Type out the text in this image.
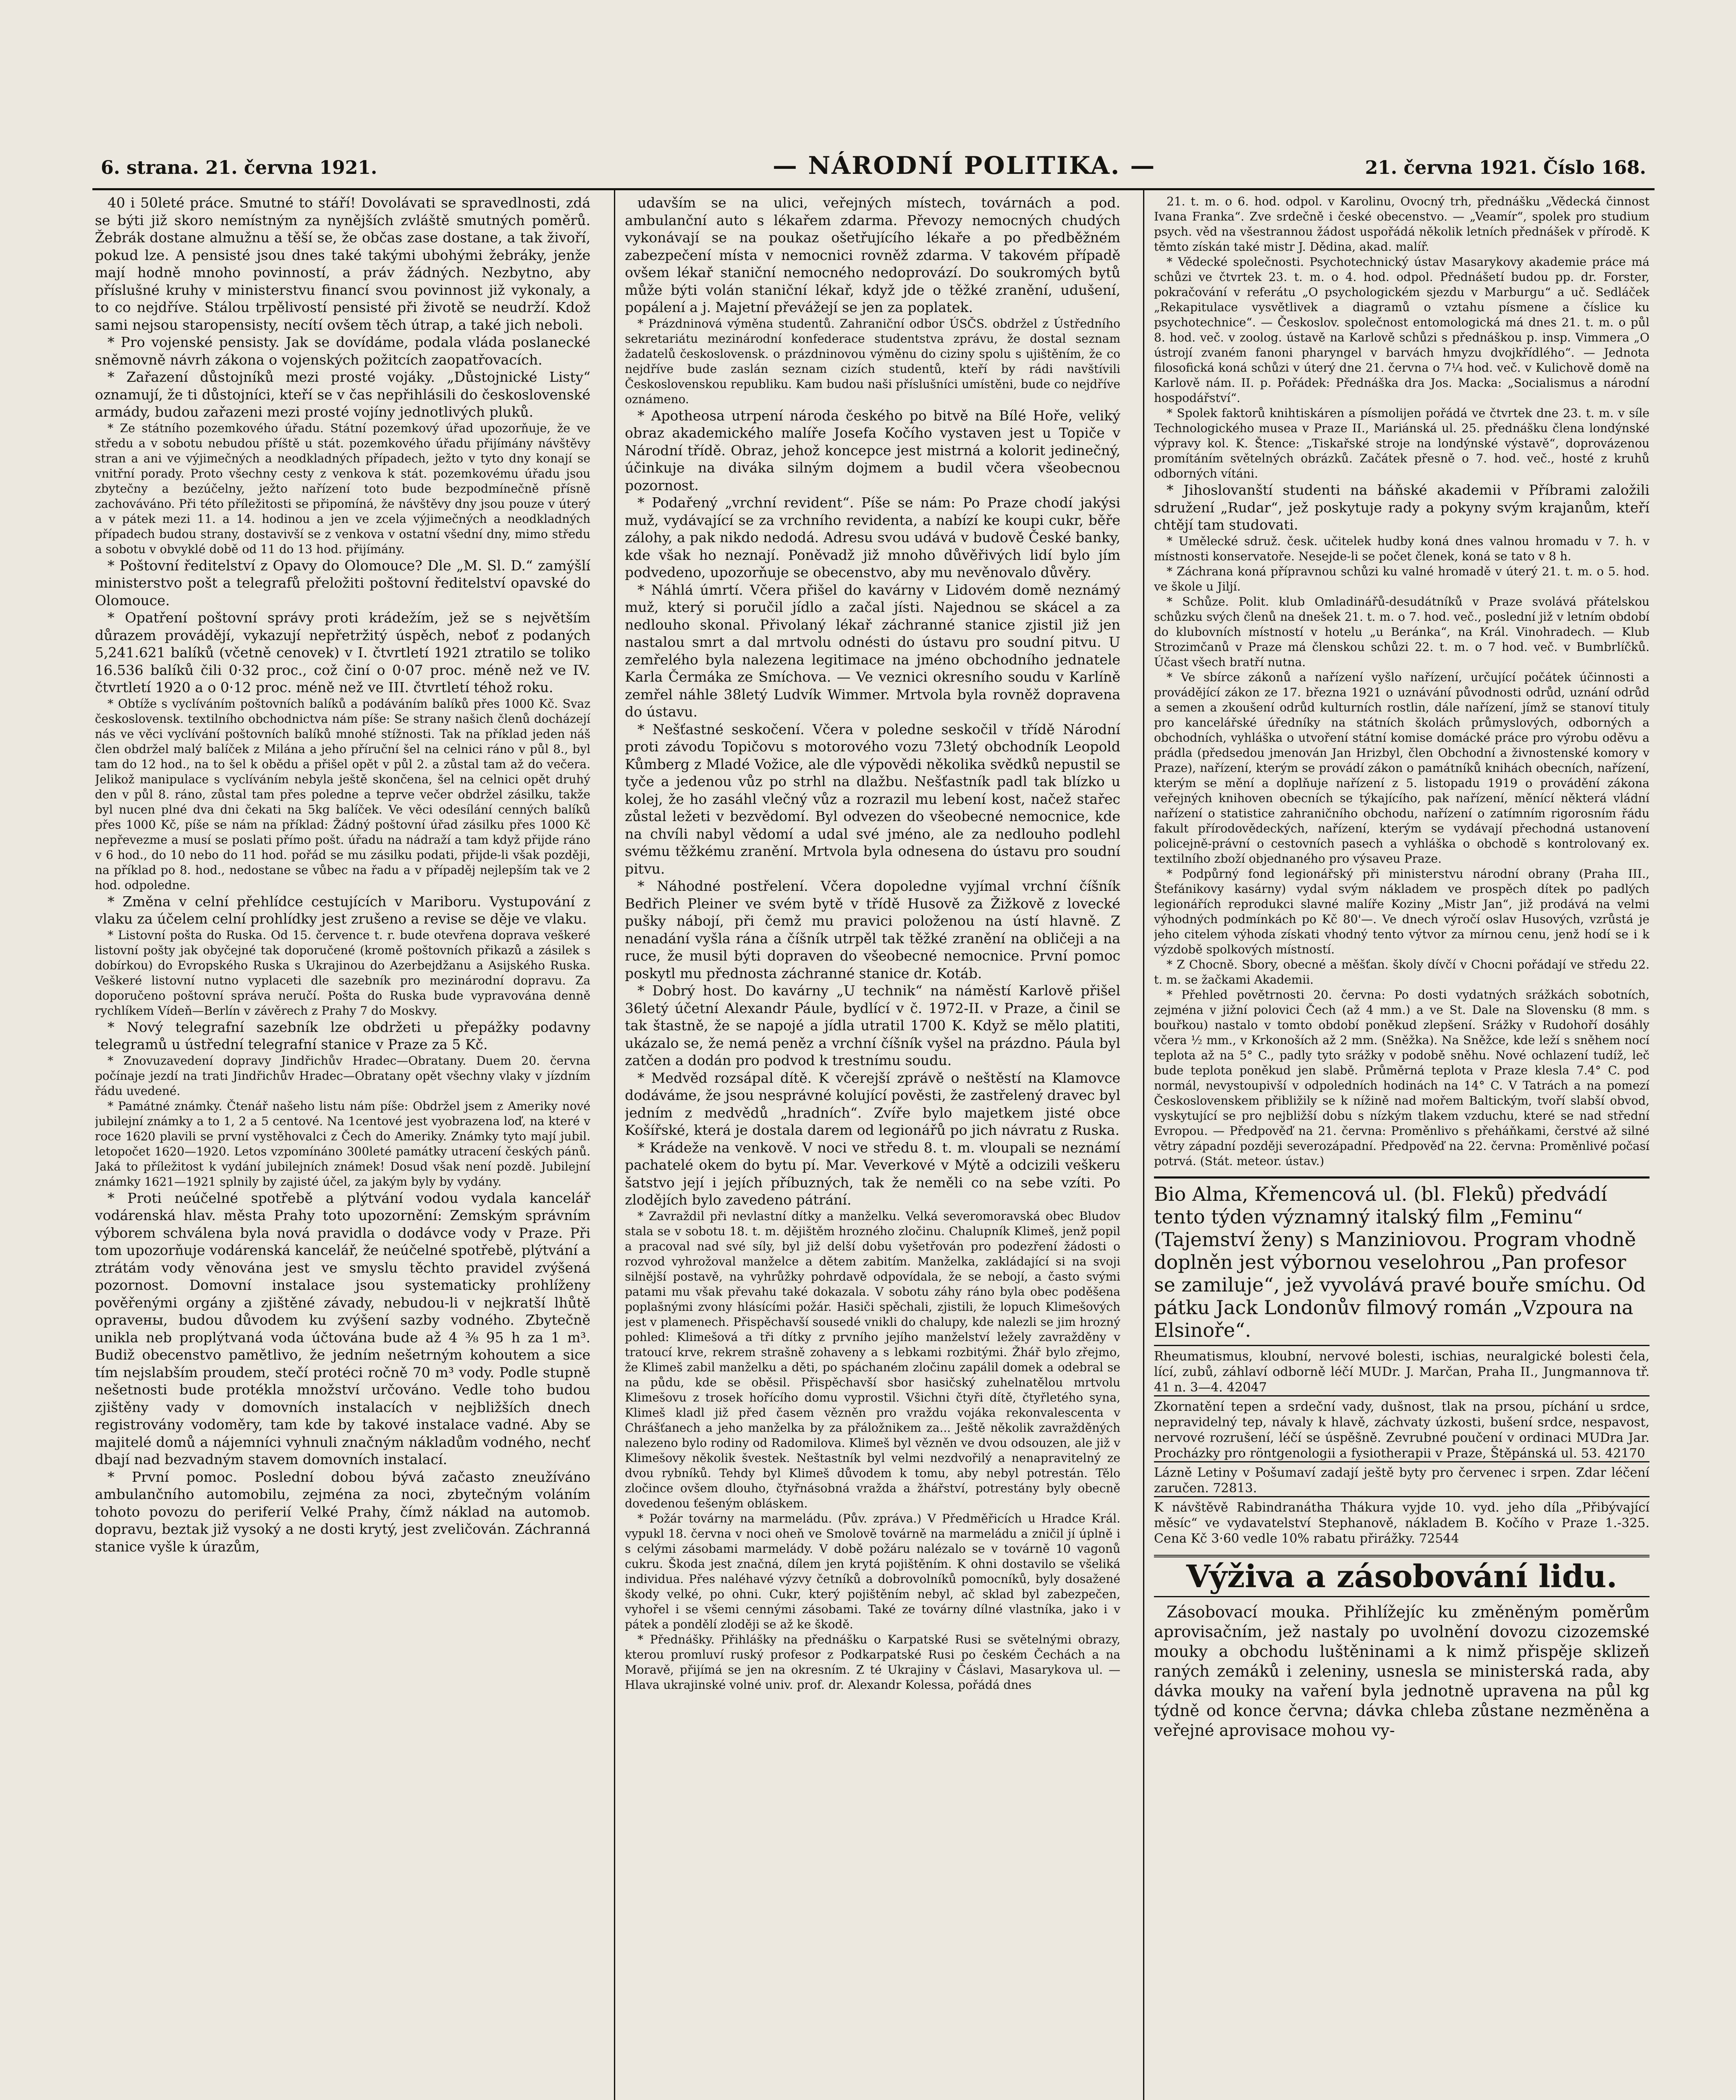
6. strana. 21. června 1921.	— NÁRODNÍ POLITIKA. —	21. června 1921. Číslo 168.

40 i 50leté práce. Smutné to stáří! Dovolávati se spravedlnosti, zdá se býti již skoro nemístným za nynějších zvláště smutných poměrů. Žebrák dostane almužnu a těší se, že občas zase dostane, a tak živoří, pokud lze. A pensisté jsou dnes také takými ubohými žebráky, jenže mají hodně mnoho povinností, a práv žádných. Nezbytno, aby příslušné kruhy v ministerstvu financí svou povinnost již vykonaly, a to co nejdříve. Stálou trpělivostí pensisté při životě se neudrží. Kdož sami nejsou staropensisty, necítí ovšem těch útrap, a také jich neboli.

* Pro vojenské pensisty. Jak se dovídáme, podala vláda poslanecké sněmovně návrh zákona o vojenských požitcích zaopatřovacích.

* Zařazení důstojníků mezi prosté vojáky. „Důstojnické Listy“ oznamují, že ti důstojníci, kteří se v čas nepřihlásili do československé armády, budou zařazeni mezi prosté vojíny jednotlivých pluků.

* Ze státního pozemkového úřadu. Státní pozemkový úřad upozorňuje, že ve středu a v sobotu nebudou příště u stát. pozemkového úřadu přijímány návštěvy stran a ani ve výjimečných a neodkladných případech, ježto v tyto dny konají se vnitřní porady. Proto všechny cesty z venkova k stát. pozemkovému úřadu jsou zbytečny a bezúčelny, ježto nařízení toto bude bezpodmínečně přísně zachováváno. Při této příležitosti se připomíná, že návštěvy dny jsou pouze v úterý a v pátek mezi 11. a 14. hodinou a jen ve zcela výjimečných a neodkladných případech budou strany, dostavivší se z venkova v ostatní všední dny, mimo středu a sobotu v obvyklé době od 11 do 13 hod. přijímány.

* Poštovní ředitelství z Opavy do Olomouce? Dle „M. Sl. D.“ zamýšlí ministerstvo pošt a telegrafů přeložiti poštovní ředitelství opavské do Olomouce.

* Opatření poštovní správy proti krádežím, jež se s největším důrazem provádějí, vykazují nepřetržitý úspěch, neboť z podaných 5,241.621 balíků (včetně cenovek) v I. čtvrtletí 1921 ztratilo se toliko 16.536 balíků čili 0·32 proc., což činí o 0·07 proc. méně než ve IV. čtvrtletí 1920 a o 0·12 proc. méně než ve III. čtvrtletí téhož roku.

* Obtíže s vyclíváním poštovních balíků a podáváním balíků přes 1000 Kč. Svaz československ. textilního obchodnictva nám píše: Se strany našich členů docházejí nás ve věci vyclívání poštovních balíků mnohé stížnosti. Tak na příklad jeden náš člen obdržel malý balíček z Milána a jeho příruční šel na celnici ráno v půl 8., byl tam do 12 hod., na to šel k obědu a přišel opět v půl 2. a zůstal tam až do večera. Jelikož manipulace s vyclíváním nebyla ještě skončena, šel na celnici opět druhý den v půl 8. ráno, zůstal tam přes poledne a teprve večer obdržel zásilku, takže byl nucen plné dva dni čekati na 5kg balíček. Ve věci odesílání cenných balíků přes 1000 Kč, píše se nám na příklad: Žádný poštovní úřad zásilku přes 1000 Kč nepřevezme a musí se poslati přímo pošt. úřadu na nádraží a tam když přijde ráno v 6 hod., do 10 nebo do 11 hod. pořád se mu zásilku podati, přijde-li však později, na příklad po 8. hod., nedostane se vůbec na řadu a v případěj nejlepším tak ve 2 hod. odpoledne.

* Změna v celní přehlídce cestujících v Mariboru. Vystupování z vlaku za účelem celní prohlídky jest zrušeno a revise se děje ve vlaku.

* Listovní pošta do Ruska. Od 15. července t. r. bude otevřena doprava veškeré listovní pošty jak obyčejné tak doporučené (kromě poštovních přikazů a zásilek s dobírkou) do Evropského Ruska s Ukrajinou do Azerbejdžanu a Asijského Ruska. Veškeré listovní nutno vyplaceti dle sazebník pro mezinárodní dopravu. Za doporučeno poštovní správa neručí. Pošta do Ruska bude vypravována denně rychlíkem Vídeň—Berlín v závěrech z Prahy 7 do Moskvy.

* Nový telegrafní sazebník lze obdržeti u přepážky podavny telegramů u ústřední telegrafní stanice v Praze za 5 Kč.

* Znovuzavedení dopravy Jindřichův Hradec—Obratany. Duem 20. června počínaje jezdí na trati Jindřichův Hradec—Obratany opět všechny vlaky v jízdním řádu uvedené.

* Památné známky. Čtenář našeho listu nám píše: Obdržel jsem z Ameriky nové jubilejní známky a to 1, 2 a 5 centové. Na 1centové jest vyobrazena loď, na které v roce 1620 plavili se první vystěhovalci z Čech do Ameriky. Známky tyto mají jubil. letopočet 1620—1920. Letos vzpomínáno 300leté památky utracení českých pánů. Jaká to příležitost k vydání jubilejních známek! Dosud však není pozdě. Jubilejní známky 1621—1921 splnily by zajisté účel, za jakým byly by vydány.

* Proti neúčelné spotřebě a plýtvání vodou vydala kancelář vodárenská hlav. města Prahy toto upozornění: Zemským správním výborem schválena byla nová pravidla o dodávce vody v Praze. Při tom upozorňuje vodárenská kancelář, že neúčelné spotřebě, plýtvání a ztrátám vody věnována jest ve smyslu těchto pravidel zvýšená pozornost. Domovní instalace jsou systematicky prohlíženy pověřenými orgány a zjištěné závady, nebudou-li v nejkratší lhůtě opravены, budou důvodem ku zvýšení sazby vodného. Zbytečně unikla neb proplýtvaná voda účtována bude až 4 ⅜ 95 h za 1 m³. Budiž obecenstvo pamětlivo, že jedním nešetrným kohoutem a sice tím nejslabším proudem, stečí protéci ročně 70 m³ vody. Podle stupně nešetnosti bude protékla množství určováno. Vedle toho budou zjištěny vady v domovních instalacích v nejbližších dnech registrovány vodoměry, tam kde by takové instalace vadné. Aby se majitelé domů a nájemníci vyhnuli značným nákladům vodného, nechť dbají nad bezvadným stavem domovních instalací.

* První pomoc. Poslední dobou bývá začasto zneužíváno ambulančního automobilu, zejména za noci, zbytečným voláním tohoto povozu do periferií Velké Prahy, čímž náklad na automob. dopravu, beztak již vysoký a ne dosti krytý, jest zveličován. Záchranná stanice vyšle k úrazům,

udavším se na ulici, veřejných místech, továrnách a pod. ambulanční auto s lékařem zdarma. Převozy nemocných chudých vykonávají se na poukaz ošetřujícího lékaře a po předběžném zabezpečení místa v nemocnici rovněž zdarma. V takovém případě ovšem lékař staniční nemocného nedoprovází. Do soukromých bytů může býti volán staniční lékař, když jde o těžké zranění, udušení, popálení a j. Majetní převážejí se jen za poplatek.

* Prázdninová výměna studentů. Zahraniční odbor ÚSČS. obdržel z Ústředního sekretariátu mezinárodní konfederace studentstva zprávu, že dostal seznam žadatelů československ. o prázdninovou výměnu do ciziny spolu s ujištěním, že co nejdříve bude zaslán seznam cizích studentů, kteří by rádi navštívili Československou republiku. Kam budou naši příslušníci umístěni, bude co nejdříve oznámeno.

* Apotheosa utrpení národa českého po bitvě na Bílé Hoře, veliký obraz akademického malíře Josefa Kočího vystaven jest u Topiče v Národní třídě. Obraz, jehož koncepce jest mistrná a kolorit jedinečný, účinkuje na diváka silným dojmem a budil včera všeobecnou pozornost.

* Podařený „vrchní revident“. Píše se nám: Po Praze chodí jakýsi muž, vydávající se za vrchního revidenta, a nabízí ke koupi cukr, běře zálohy, a pak nikdo nedodá. Adresu svou udává v budově České banky, kde však ho neznají. Poněvadž již mnoho důvěřivých lidí bylo jím podvedeno, upozorňuje se obecenstvo, aby mu nevěnovalo důvěry.

* Náhlá úmrtí. Včera přišel do kavárny v Lidovém domě neznámý muž, který si poručil jídlo a začal jísti. Najednou se skácel a za nedlouho skonal. Přivolaný lékař záchranné stanice zjistil již jen nastalou smrt a dal mrtvolu odnésti do ústavu pro soudní pitvu. U zemřelého byla nalezena legitimace na jméno obchodního jednatele Karla Čermáka ze Smíchova. — Ve veznici okresního soudu v Karlíně zemřel náhle 38letý Ludvík Wimmer. Mrtvola byla rovněž dopravena do ústavu.

* Nešťastné seskočení. Včera v poledne seskočil v třídě Národní proti závodu Topičovu s motorového vozu 73letý obchodník Leopold Kůmberg z Mladé Vožice, ale dle výpovědi několika svědků nepustil se tyče a jedenou vůz po strhl na dlažbu. Nešťastník padl tak blízko u kolej, že ho zasáhl vlečný vůz a rozrazil mu lebení kost, načež stařec zůstal ležeti v bezvědomí. Byl odvezen do všeobecné nemocnice, kde na chvíli nabyl vědomí a udal své jméno, ale za nedlouho podlehl svému těžkému zranění. Mrtvola byla odnesena do ústavu pro soudní pitvu.

* Náhodné postřelení. Včera dopoledne vyjímal vrchní číšník Bedřich Pleiner ve svém bytě v třídě Husově za Žižkově z lovecké pušky nábojí, při čemž mu pravici položenou na ústí hlavně. Z nenadání vyšla rána a číšník utrpěl tak těžké zranění na obličeji a na ruce, že musil býti dopraven do všeobecné nemocnice. První pomoc poskytl mu přednosta záchranné stanice dr. Kotáb.

* Dobrý host. Do kavárny „U technik“ na náměstí Karlově přišel 36letý účetní Alexandr Páule, bydlící v č. 1972-II. v Praze, a činil se tak štastně, že se napojé a jídla utratil 1700 K. Když se mělo platiti, ukázalo se, že nemá peněz a vrchní číšník vyšel na prázdno. Páula byl zatčen a dodán pro podvod k trestnímu soudu.

* Medvěd rozsápal dítě. K včerejší zprávě o neštěstí na Klamovce dodáváme, že jsou nesprávné kolující pověsti, že zastřelený dravec byl jedním z medvědů „hradních“. Zvíře bylo majetkem jisté obce Košířské, která je dostala darem od legionářů po jich návratu z Ruska.

* Krádeže na venkově. V noci ve středu 8. t. m. vloupali se neznámí pachatelé okem do bytu pí. Mar. Veverkové v Mýtě a odcizili veškeru šatstvo její i jejích příbuzných, tak že neměli co na sebe vzíti. Po zlodějích bylo zavedeno pátrání.

* Zavraždil při nevlastní dítky a manželku. Velká severomoravská obec Bludov stala se v sobotu 18. t. m. dějištěm hrozného zločinu. Chalupník Klimeš, jenž popil a pracoval nad své síly, byl již delší dobu vyšetřován pro podezření žádosti o rozvod vyhrožoval manželce a dětem zabitím. Manželka, zakládající si na svoji silnější postavě, na vyhrůžky pohrdavě odpovídala, že se nebojí, a často svými patami mu však převahu také dokazala. V sobotu záhy ráno byla obec poděšena poplašnými zvony hlásícími požár. Hasiči spěchali, zjistili, že lopuch Klimešových jest v plamenech. Přispěchavší sousedé vnikli do chalupy, kde nalezli se jim hrozný pohled: Klimešová a tři dítky z prvního jejího manželství ležely zavražděny v tratoucí krve, rekrem strašně zohaveny a s lebkami rozbitými. Žhář bylo zřejmo, že Klimeš zabil manželku a děti, po spáchaném zločinu zapálil domek a odebral se na půdu, kde se oběsil. Přispěchavší sbor hasičský zuhelnatělou mrtvolu Klimešovu z trosek hořícího domu vyprostil. Všichni čtyři dítě, čtyřletého syna, Klimeš kladl již před časem vězněn pro vraždu vojáka rekonvalescenta v Chrášťanech a jeho manželka by za přáložnikem za... Ještě několik zavražděných nalezeno bylo rodiny od Radomilova. Klimeš byl vězněn ve dvou odsouzen, ale již v Klimešovy několik švestek. Neštastník byl velmi nezdvořilý a nenapravitelný ze dvou rybníků. Tehdy byl Klimeš důvodem k tomu, aby nebyl potrestán. Tělo zločince ovšem dlouho, čtyřnásobná vražda a žhářství, potrestány byly obecně dovedenou ťešeným obláskem.

* Požár továrny na marmeládu. (Pův. zpráva.) V Předměřicích u Hradce Král. vypukl 18. června v noci oheň ve Smolově továrně na marmeládu a zničil jí úplně i s celými zásobami marmelády. V době požáru nalézalo se v továrně 10 vagonů cukru. Škoda jest značná, dílem jen krytá pojištěním. K ohni dostavilo se všeliká individua. Přes naléhavé výzvy četníků a dobrovolníků pomocníků, byly dosažené škody velké, po ohni. Cukr, který pojištěním nebyl, ač sklad byl zabezpečen, vyhořel i se všemi cennými zásobami. Také ze továrny dílné vlastníka, jako i v pátek a pondělí zloději se až ke škodě.

* Přednášky. Přihlášky na přednášku o Karpatské Rusi se světelnými obrazy, kterou promluví ruský profesor z Podkarpatské Rusi po českém Čechách a na Moravě, přijímá se jen na okresním. Z té Ukrajiny v Čáslavi, Masarykova ul. — Hlava ukrajinské volné univ. prof. dr. Alexandr Kolessa, pořádá dnes

21. t. m. o 6. hod. odpol. v Karolinu, Ovocný trh, přednášku „Vědecká činnost Ivana Franka“. Zve srdečně i české obecenstvo. — „Veamír“, spolek pro studium psych. věd na všestrannou žádost uspořádá několik letních přednášek v přírodě. K těmto získán také mistr J. Dědina, akad. malíř.

* Vědecké společnosti. Psychotechnický ústav Masarykovy akademie práce má schůzi ve čtvrtek 23. t. m. o 4. hod. odpol. Přednášetí budou pp. dr. Forster, pokračování v referátu „O psychologickém sjezdu v Marburgu“ a uč. Sedláček „Rekapitulace vysvětlivek a diagramů o vztahu písmene a číslice ku psychotechnice“. — Českoslov. společnost entomologická má dnes 21. t. m. o půl 8. hod. več. v zoolog. ústavě na Karlově schůzi s přednáškou p. insp. Vimmera „O ústrojí zvaném fanoni pharyngel v barvách hmyzu dvojkřídlého“. — Jednota filosofická koná schůzi v úterý dne 21. června o 7¼ hod. več. v Kulichově domě na Karlově nám. II. p. Pořádek: Přednáška dra Jos. Macka: „Socialismus a národní hospodářství“.

* Spolek faktorů knihtiskáren a písmolijen pořádá ve čtvrtek dne 23. t. m. v síle Technologického musea v Praze II., Mariánská ul. 25. přednášku člena londýnské výpravy kol. K. Štence: „Tiskařské stroje na londýnské výstavě“, doprovázenou promítáním světelných obrázků. Začátek přesně o 7. hod. več., hosté z kruhů odborných vítáni.

* Jihoslovanští studenti na báňské akademii v Příbrami založili sdružení „Rudar“, jež poskytuje rady a pokyny svým krajanům, kteří chtějí tam studovati.

* Umělecké sdruž. česk. učitelek hudby koná dnes valnou hromadu v 7. h. v místnosti konservatoře. Nesejde-li se počet členek, koná se tato v 8 h.

* Záchrana koná přípravnou schůzi ku valné hromadě v úterý 21. t. m. o 5. hod. ve škole u Jiljí.

* Schůze. Polit. klub Omladinářů-desudátníků v Praze svolává přátelskou schůzku svých členů na dnešek 21. t. m. o 7. hod. več., poslední již v letním období do klubovních místností v hotelu „u Beránka“, na Král. Vinohradech. — Klub Strozimčanů v Praze má členskou schůzi 22. t. m. o 7 hod. več. v Bumbrlíčků. Účast všech bratří nutna.

* Ve sbírce zákonů a nařízení vyšlo nařízení, určující počátek účinnosti a provádějící zákon ze 17. března 1921 o uznávání původnosti odrůd, uznání odrůd a semen a zkoušení odrůd kulturních rostlin, dále nařízení, jímž se stanoví tituly pro kancelářské úředníky na státních školách průmyslových, odborných a obchodních, vyhláška o utvoření státní komise domácké práce pro výrobu oděvu a prádla (předsedou jmenován Jan Hrizbyl, člen Obchodní a živnostenské komory v Praze), nařízení, kterým se provádí zákon o památníků knihách obecních, nařízení, kterým se mění a doplňuje nařízení z 5. listopadu 1919 o provádění zákona veřejných knihoven obecních se týkajícího, pak nařízení, měnící některá vládní nařízení o statistice zahraničního obchodu, nařízení o zatímním rigorosním řádu fakult přírodovědeckých, nařízení, kterým se vydávají přechodná ustanovení policejně-právní o cestovních pasech a vyhláška o obchodě s kontrolovaný ex. textilního zboží objednaného pro výsaveu Praze.

* Podpůrný fond legionářský při ministerstvu národní obrany (Praha III., Štefánikovy kasárny) vydal svým nákladem ve prospěch dítek po padlých legionářích reprodukci slavné malíře Koziny „Mistr Jan“, již prodává na velmi výhodných podmínkách po Kč 80'—. Ve dnech výročí oslav Husových, vzrůstá je jeho citelem výhoda získati vhodný tento výtvor za mírnou cenu, jenž hodí se i k výzdobě spolkových místností.

* Z Chocně. Sbory, obecné a měšťan. školy dívčí v Chocni pořádají ve středu 22. t. m. se žačkami Akademii.

* Přehled povětrnosti 20. června: Po dosti vydatných srážkách sobotních, zejména v jižní polovici Čech (až 4 mm.) a ve St. Dale na Slovensku (8 mm. s bouřkou) nastalo v tomto období poněkud zlepšení. Srážky v Rudohoří dosáhly včera ½ mm., v Krkonoších až 2 mm. (Sněžka). Na Sněžce, kde leží s sněhem nocí teplota až na 5° C., padly tyto srážky v podobě sněhu. Nové ochlazení tudíž, leč bude teplota poněkud jen slabě. Průměrná teplota v Praze klesla 7.4° C. pod normál, nevystoupivší v odpoledních hodinách na 14° C. V Tatrách a na pomezí Československem přibližily se k nížině nad mořem Baltickým, tvoří slabší obvod, vyskytující se pro nejbližší dobu s nízkým tlakem vzduchu, které se nad střední Evropou. — Předpověď na 21. června: Proměnlivo s přeháňkami, čerstvé až silné větry západní později severozápadní. Předpověď na 22. června: Proměnlivé počasí potrvá. (Stát. meteor. ústav.)

Bio Alma, Křemencová ul. (bl. Fleků) předvádí tento týden významný italský film „Feminu“ (Tajemství ženy) s Manziniovou. Program vhodně doplněn jest výbornou veselohrou „Pan profesor se zamiluje“, jež vyvolává pravé bouře smíchu. Od pátku Jack Londonův filmový román „Vzpoura na Elsinoře“.

Rheumatismus, kloubní, nervové bolesti, ischias, neuralgické bolesti čela, lící, zubů, záhlaví odborně léčí MUDr. J. Marčan, Praha II., Jungmannova tř. 41 n. 3—4. 42047

Zkornatění tepen a srdeční vady, dušnost, tlak na prsou, píchání u srdce, nepravidelný tep, návaly k hlavě, záchvaty úzkosti, bušení srdce, nespavost, nervové rozrušení, léčí se úspěšně. Zevrubné poučení v ordinaci MUDra Jar. Procházky pro röntgenologii a fysiotherapii v Praze, Štěpánská ul. 53. 42170

Lázně Letiny v Pošumaví zadají ještě byty pro červenec i srpen. Zdar léčení zaručen. 72813.

K návštěvě Rabindranátha Thákura vyjde 10. vyd. jeho díla „Přibývající měsíc“ ve vydavatelství Stephanově, nákladem B. Kočího v Praze 1.-325. Cena Kč 3·60 vedle 10% rabatu přirážky. 72544

Výživa a zásobování lidu.

Zásobovací mouka. Přihlížejíc ku změněným poměrům aprovisačním, jež nastaly po uvolnění dovozu cizozemské mouky a obchodu luštěninami a k nimž přispěje sklizeň raných zemáků i zeleniny, usnesla se ministerská rada, aby dávka mouky na vaření byla jednotně upravena na půl kg týdně od konce června; dávka chleba zůstane nezměněna a veřejné aprovisace mohou vy-
